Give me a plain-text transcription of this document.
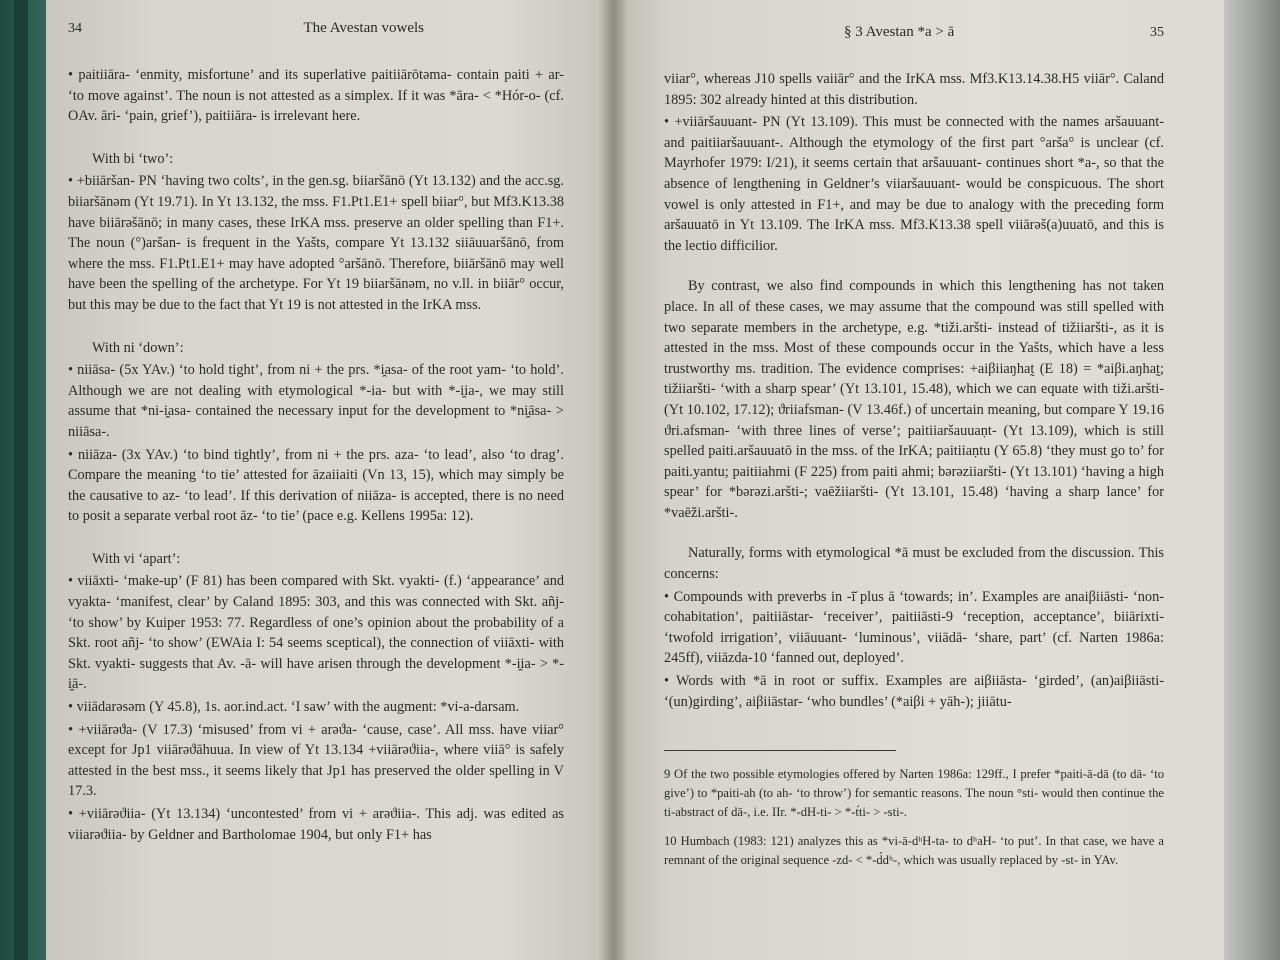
34	The Avestan vowels

• paitiiāra- ‘enmity, misfortune’ and its superlative paitiiārōtəma- contain paiti + ar- ‘to move against’. The noun is not attested as a simplex. If it was *āra- < *Hór-o- (cf. OAv. āri- ‘pain, grief’), paitiiāra- is irrelevant here.

With bi ‘two’:

• +biiāršan- PN ‘having two colts’, in the gen.sg. biiaršānō (Yt 13.132) and the acc.sg. biiaršānəm (Yt 19.71). In Yt 13.132, the mss. F1.Pt1.E1+ spell biiar°, but Mf3.K13.38 have biiārəšānō; in many cases, these IrKA mss. preserve an older spelling than F1+. The noun (°)aršan- is frequent in the Yašts, compare Yt 13.132 siiāuuaršānō, from where the mss. F1.Pt1.E1+ may have adopted °aršānō. Therefore, biiāršānō may well have been the spelling of the archetype. For Yt 19 biiaršānəm, no v.ll. in biiār° occur, but this may be due to the fact that Yt 19 is not attested in the IrKA mss.

With ni ‘down’:

• niiāsa- (5x YAv.) ‘to hold tight’, from ni + the prs. *i̯asa- of the root yam- ‘to hold’. Although we are not dealing with etymological *-ia- but with *-i̯ia-, we may still assume that *ni-i̯asa- contained the necessary input for the development to *ni̯āsa- > niiāsa-.

• niiāza- (3x YAv.) ‘to bind tightly’, from ni + the prs. aza- ‘to lead’, also ‘to drag’. Compare the meaning ‘to tie’ attested for āzaiiaiti (Vn 13, 15), which may simply be the causative to az- ‘to lead’. If this derivation of niiāza- is accepted, there is no need to posit a separate verbal root āz- ‘to tie’ (pace e.g. Kellens 1995a: 12).

With vi ‘apart’:

• viiāxti- ‘make-up’ (F 81) has been compared with Skt. vyakti- (f.) ‘appearance’ and vyakta- ‘manifest, clear’ by Caland 1895: 303, and this was connected with Skt. añj- ‘to show’ by Kuiper 1953: 77. Regardless of one’s opinion about the probability of a Skt. root añj- ‘to show’ (EWAia I: 54 seems sceptical), the connection of viiāxti- with Skt. vyakti- suggests that Av. -ā- will have arisen through the development *-i̯ia- > *-i̯ā-.

• viiādarəsəm (Y 45.8), 1s. aor.ind.act. ‘I saw’ with the augment: *vi-a-darsam.

• +viiārəϑa- (V 17.3) ‘misused’ from vi + arəϑa- ‘cause, case’. All mss. have viiar° except for Jp1 viiārəϑāhuua. In view of Yt 13.134 +viiārəϑiia-, where viiā° is safely attested in the best mss., it seems likely that Jp1 has preserved the older spelling in V 17.3.

• +viiārəϑiia- (Yt 13.134) ‘uncontested’ from vi + arəϑiia-. This adj. was edited as viiarəϑiia- by Geldner and Bartholomae 1904, but only F1+ has

§ 3 Avestan *a > ā	35

viiar°, whereas J10 spells vaiiār° and the IrKA mss. Mf3.K13.14.38.H5 viiār°. Caland 1895: 302 already hinted at this distribution.

• +viiāršauuant- PN (Yt 13.109). This must be connected with the names aršauuant- and paitiiaršauuant-. Although the etymology of the first part °arša° is unclear (cf. Mayrhofer 1979: I/21), it seems certain that aršauuant- continues short *a-, so that the absence of lengthening in Geldner’s viiaršauuant- would be conspicuous. The short vowel is only attested in F1+, and may be due to analogy with the preceding form aršauuatō in Yt 13.109. The IrKA mss. Mf3.K13.38 spell viiārəš(a)uuatō, and this is the lectio difficilior.

By contrast, we also find compounds in which this lengthening has not taken place. In all of these cases, we may assume that the compound was still spelled with two separate members in the archetype, e.g. *tiži.aršti- instead of tižiiaršti-, as it is attested in the mss. Most of these compounds occur in the Yašts, which have a less trustworthy ms. tradition. The evidence comprises: +aiβiiaŋhat̰ (E 18) = *aiβi.aŋhat̰; tižiiaršti- ‘with a sharp spear’ (Yt 13.101, 15.48), which we can equate with tiži.aršti- (Yt 10.102, 17.12); ϑriiafsman- (V 13.46f.) of uncertain meaning, but compare Y 19.16 ϑri.afsman- ‘with three lines of verse’; paitiiaršauuaṇt- (Yt 13.109), which is still spelled paiti.aršauuatō in the mss. of the IrKA; paitiiaṇtu (Y 65.8) ‘they must go to’ for paiti.yantu; paitiiahmi (F 225) from paiti ahmi; bərəziiaršti- (Yt 13.101) ‘having a high spear’ for *bərəzi.aršti-; vaēžiiaršti- (Yt 13.101, 15.48) ‘having a sharp lance’ for *vaēži.aršti-.

Naturally, forms with etymological *ā must be excluded from the discussion. This concerns:

• Compounds with preverbs in -ī̆ plus ā ‘towards; in’. Examples are anaiβiiāsti- ‘non-cohabitation’, paitiiāstar- ‘receiver’, paitiiāsti-9 ‘reception, acceptance’, biiārixti- ‘twofold irrigation’, viiāuuant- ‘luminous’, viiādā- ‘share, part’ (cf. Narten 1986a: 245ff), viiāzda-10 ‘fanned out, deployed’.

• Words with *ā in root or suffix. Examples are aiβiiāsta- ‘girded’, (an)aiβiiāsti- ‘(un)girding’, aiβiiāstar- ‘who bundles’ (*aiβi + yāh-); jiiātu-

9 Of the two possible etymologies offered by Narten 1986a: 129ff., I prefer *paiti-ā-dā (to dā- ‘to give’) to *paiti-ah (to ah- ‘to throw’) for semantic reasons. The noun °sti- would then continue the ti-abstract of dā-, i.e. IIr. *-dH-ti- > *-t́ti- > -sti-.

10 Humbach (1983: 121) analyzes this as *vi-ā-dʰH-ta- to dʰaH- ‘to put’. In that case, we have a remnant of the original sequence -zd- < *-d́dʰ-, which was usually replaced by -st- in YAv.
